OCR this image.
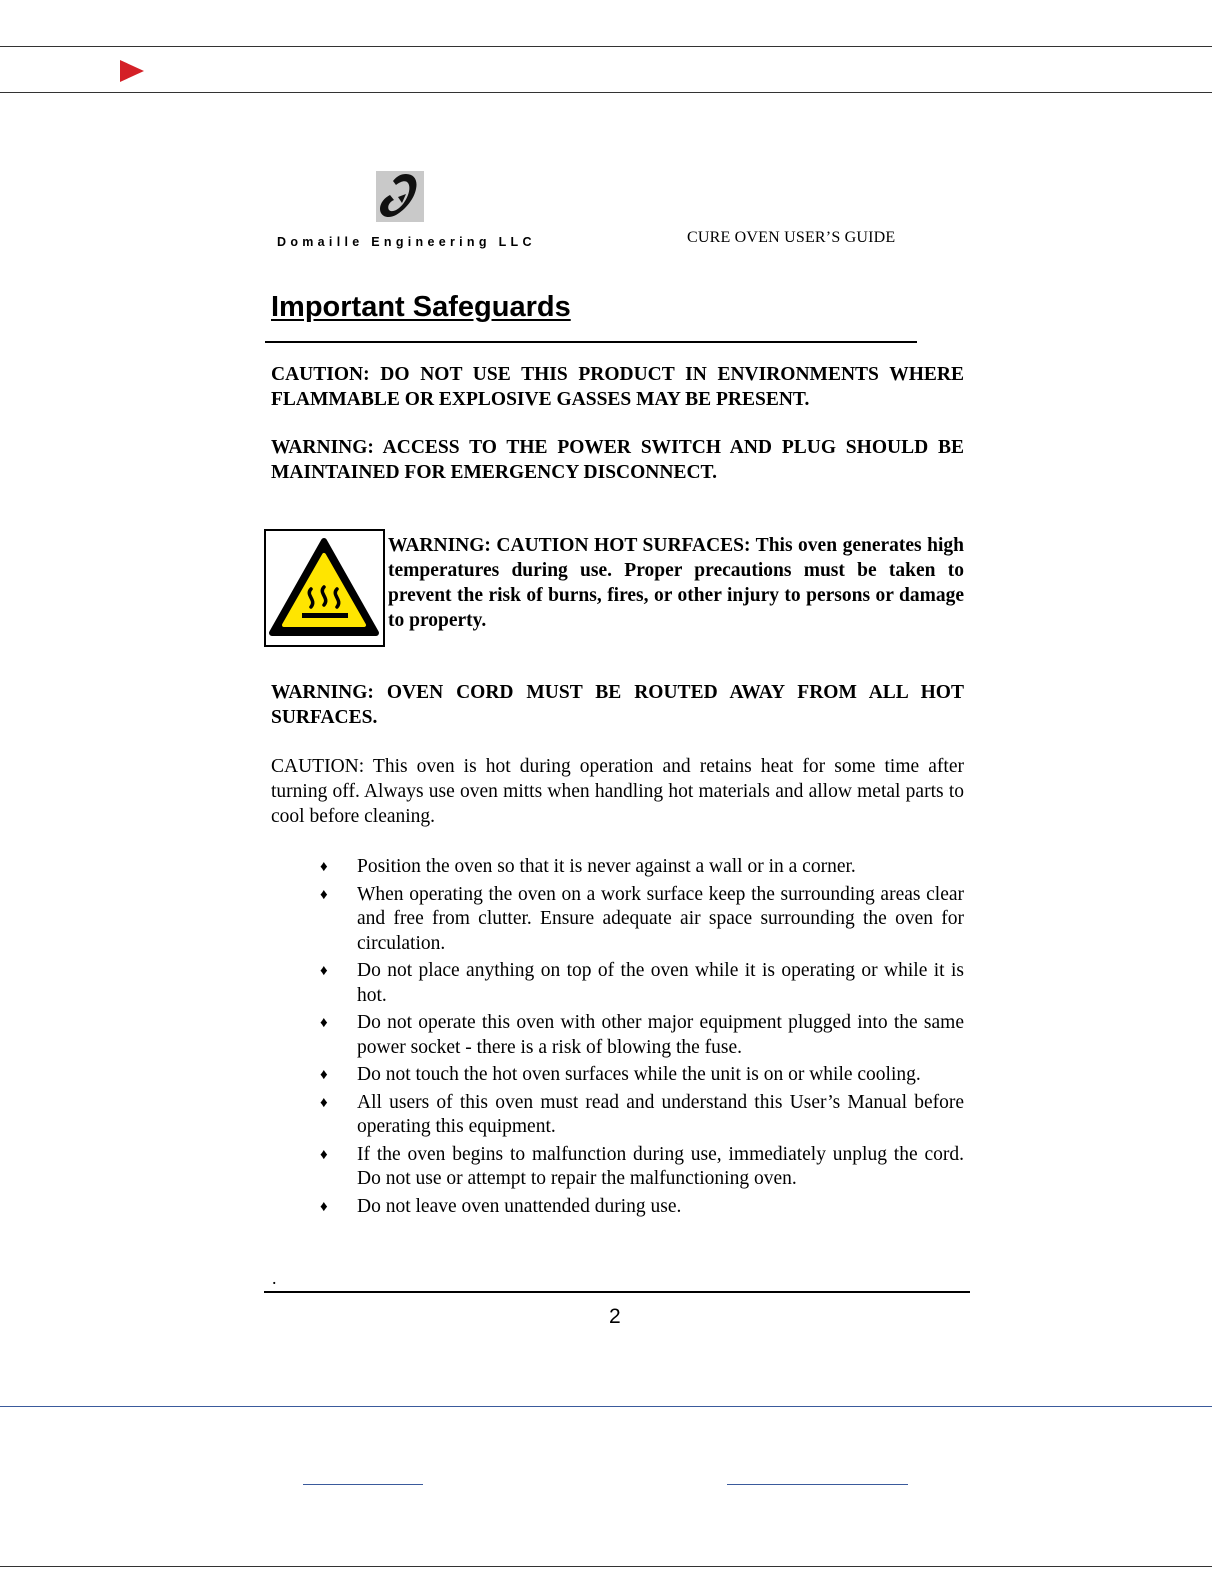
Domaille Engineering LLC	CURE OVEN USER’S GUIDE
Important Safeguards
CAUTION: DO NOT USE THIS PRODUCT IN ENVIRONMENTS WHERE FLAMMABLE OR EXPLOSIVE GASSES MAY BE PRESENT.
WARNING: ACCESS TO THE POWER SWITCH AND PLUG SHOULD BE MAINTAINED FOR EMERGENCY DISCONNECT.
WARNING: CAUTION HOT SURFACES: This oven generates high temperatures during use. Proper precautions must be taken to prevent the risk of burns, fires, or other injury to persons or damage to property.
WARNING: OVEN CORD MUST BE ROUTED AWAY FROM ALL HOT SURFACES.
CAUTION: This oven is hot during operation and retains heat for some time after turning off. Always use oven mitts when handling hot materials and allow metal parts to cool before cleaning.
♦ Position the oven so that it is never against a wall or in a corner.
♦ When operating the oven on a work surface keep the surrounding areas clear and free from clutter. Ensure adequate air space surrounding the oven for circulation.
♦ Do not place anything on top of the oven while it is operating or while it is hot.
♦ Do not operate this oven with other major equipment plugged into the same power socket - there is a risk of blowing the fuse.
♦ Do not touch the hot oven surfaces while the unit is on or while cooling.
♦ All users of this oven must read and understand this User’s Manual before operating this equipment.
♦ If the oven begins to malfunction during use, immediately unplug the cord. Do not use or attempt to repair the malfunctioning oven.
♦ Do not leave oven unattended during use.
.
2
